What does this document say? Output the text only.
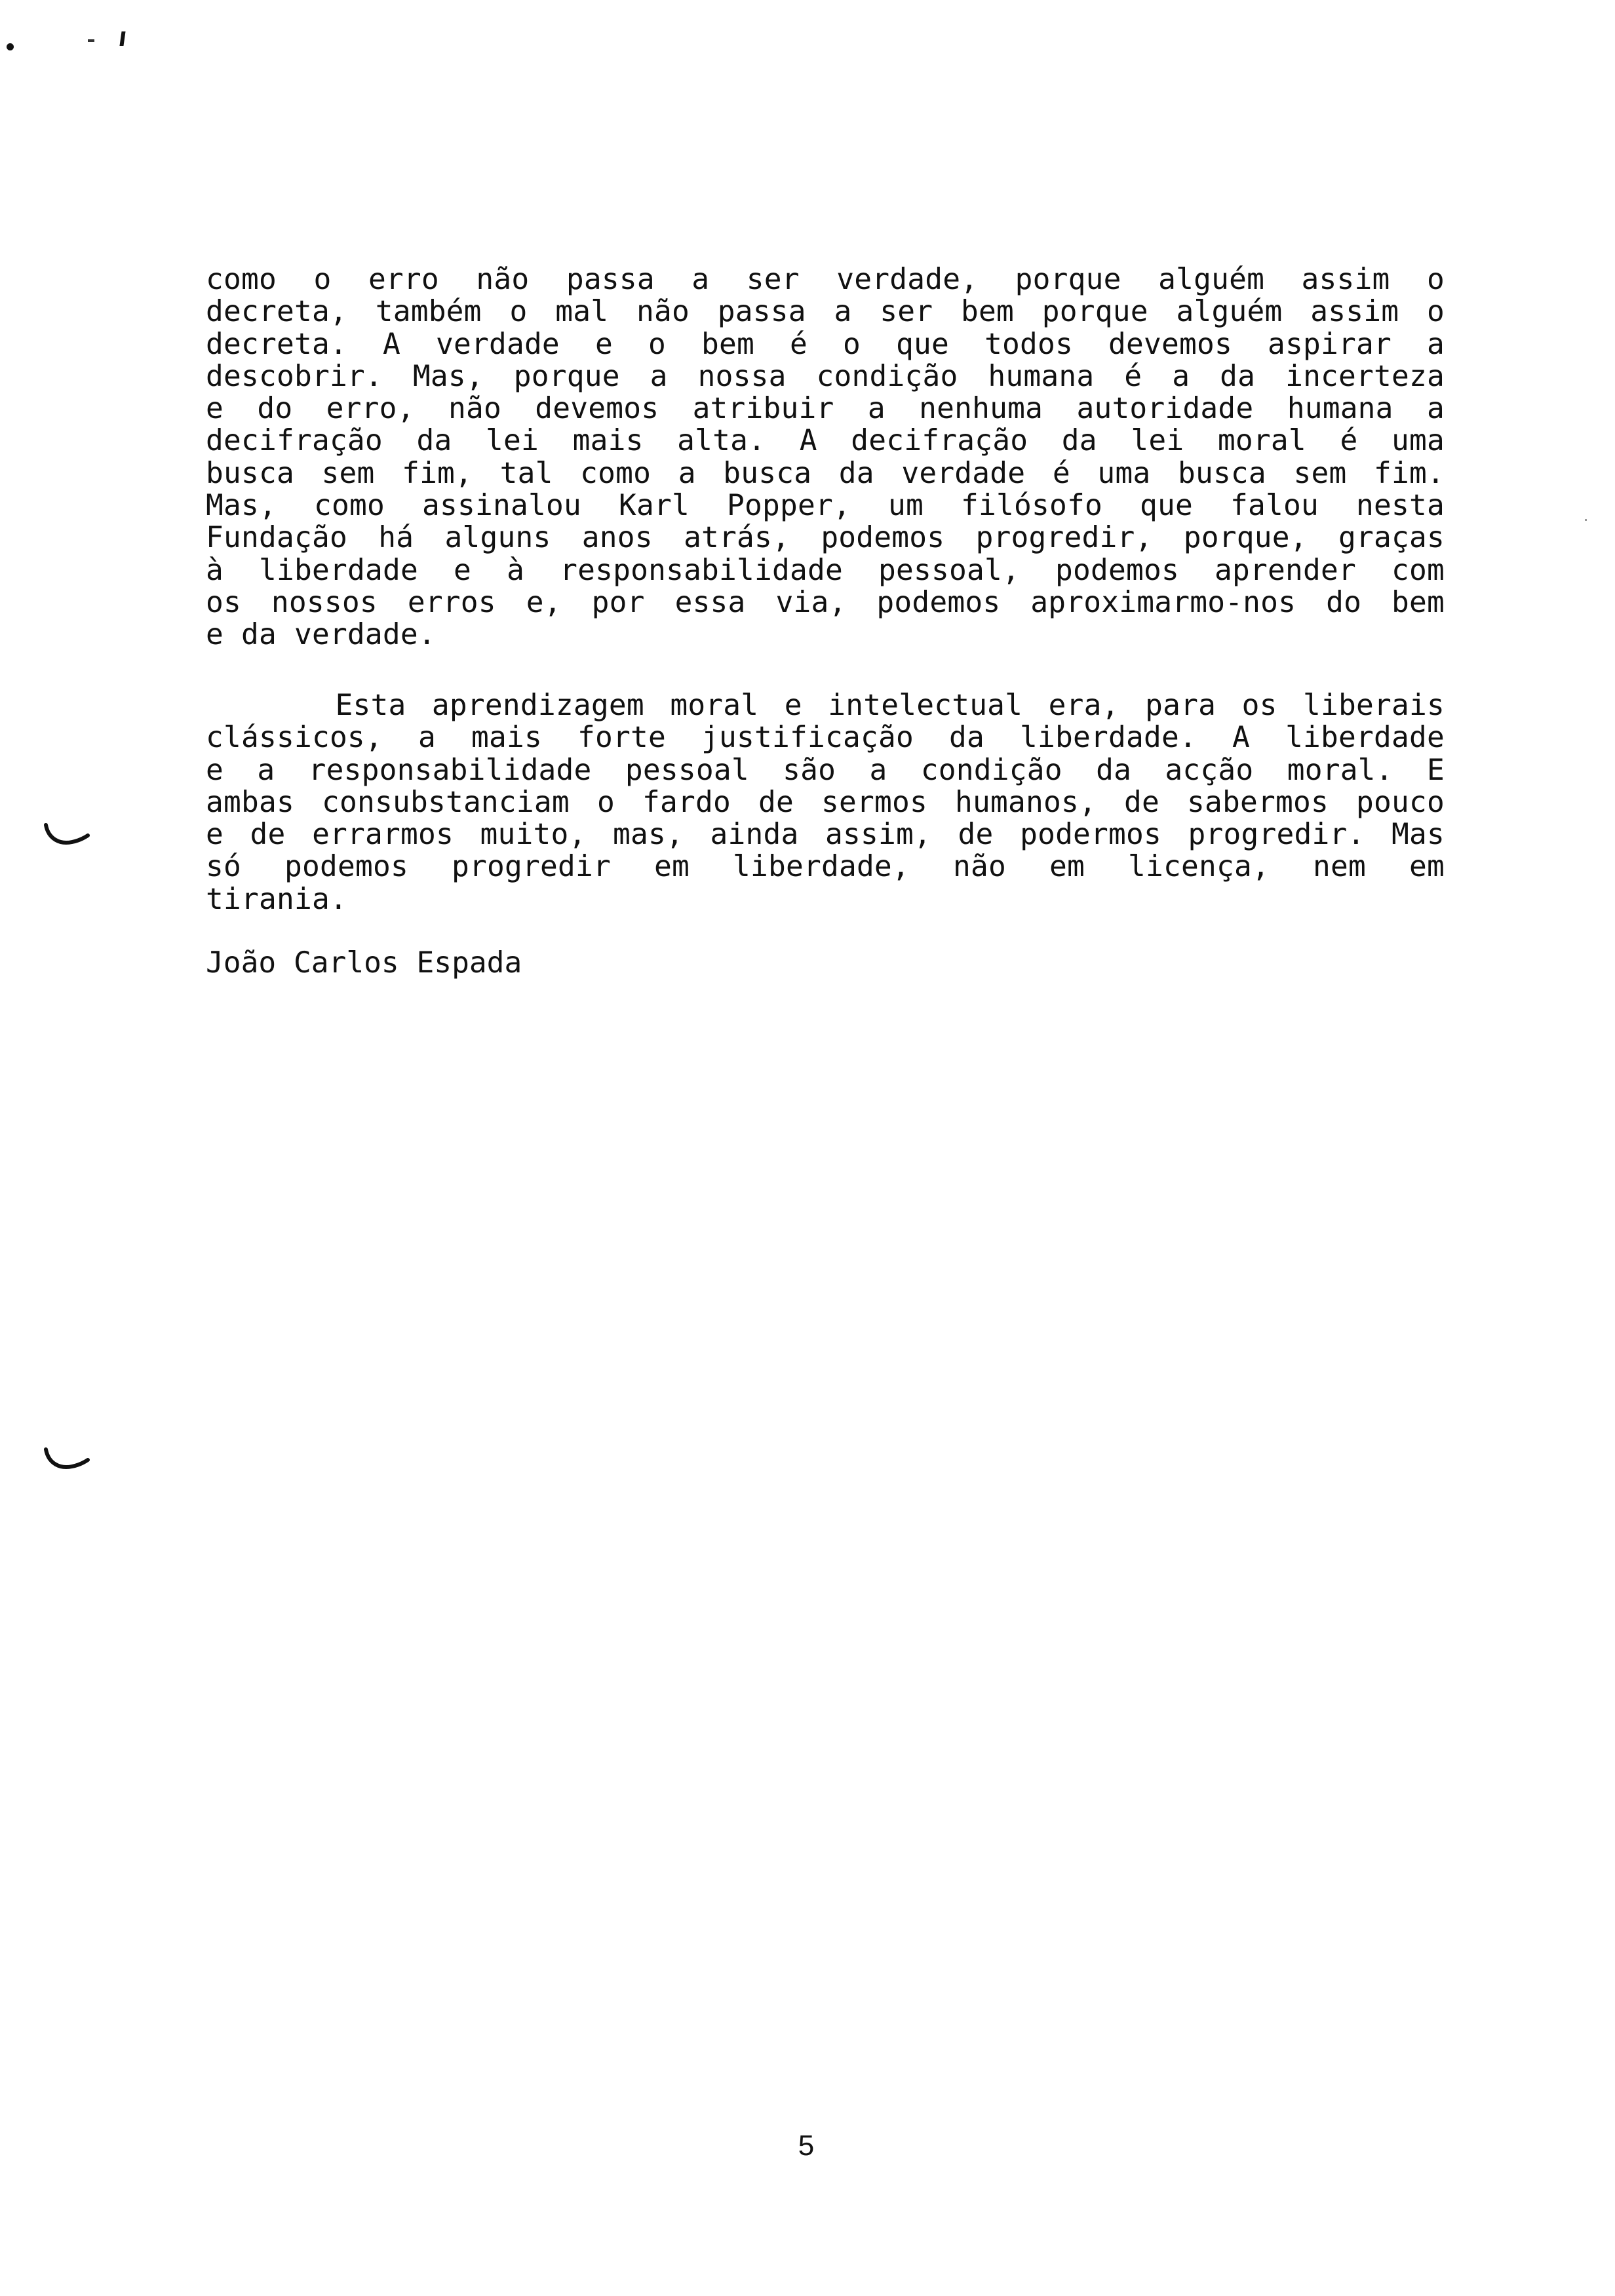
como o erro não passa a ser verdade, porque alguém assim o
decreta, também o mal não passa a ser bem porque alguém assim o
decreta. A verdade e o bem é o que todos devemos aspirar a
descobrir. Mas, porque a nossa condição humana é a da incerteza
e do erro, não devemos atribuir a nenhuma autoridade humana a
decifração da lei mais alta. A decifração da lei moral é uma
busca sem fim, tal como a busca da verdade é uma busca sem fim.
Mas, como assinalou Karl Popper, um filósofo que falou nesta
Fundação há alguns anos atrás, podemos progredir, porque, graças
à liberdade e à responsabilidade pessoal, podemos aprender com
os nossos erros e, por essa via, podemos aproximarmo-nos do bem
e da verdade.
Esta aprendizagem moral e intelectual era, para os liberais
clássicos, a mais forte justificação da liberdade. A liberdade
e a responsabilidade pessoal são a condição da acção moral. E
ambas consubstanciam o fardo de sermos humanos, de sabermos pouco
e de errarmos muito, mas, ainda assim, de podermos progredir. Mas
só podemos progredir em liberdade, não em licença, nem em
tirania.

João Carlos Espada

5
